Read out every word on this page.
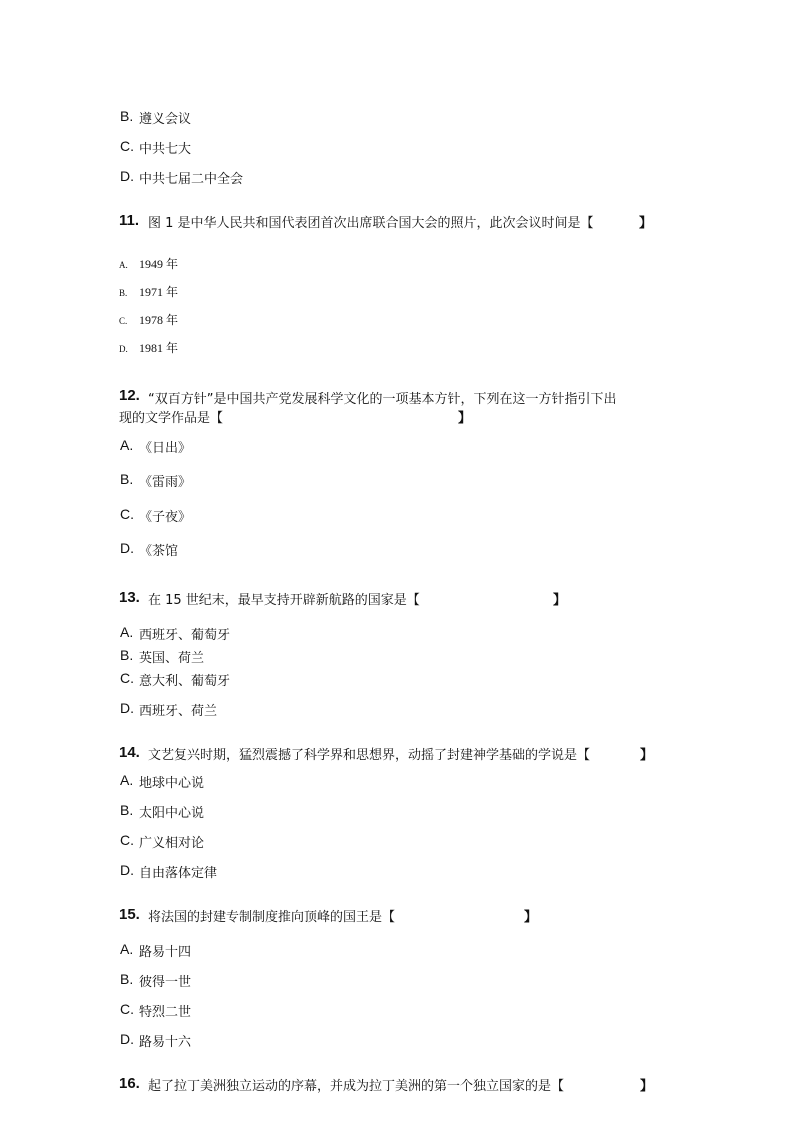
B. 遵义会议
C. 中共七大
D. 中共七届二中全会
11. 图 1 是中华人民共和国代表团首次出席联合国大会的照片，此次会议时间是【	】
A. 1949 年
B. 1971 年
C. 1978 年
D. 1981 年
12. “双百方针”是中国共产党发展科学文化的一项基本方针，下列在这一方针指引下出
现的文学作品是【	】
A. 《日出》
B. 《雷雨》
C. 《子夜》
D. 《茶馆
13. 在 15 世纪末，最早支持开辟新航路的国家是【	】
A. 西班牙、葡萄牙
B. 英国、荷兰
C. 意大利、葡萄牙
D. 西班牙、荷兰
14. 文艺复兴时期，猛烈震撼了科学界和思想界，动摇了封建神学基础的学说是【	】
A. 地球中心说
B. 太阳中心说
C. 广义相对论
D. 自由落体定律
15. 将法国的封建专制制度推向顶峰的国王是【	】
A. 路易十四
B. 彼得一世
C. 特烈二世
D. 路易十六
16. 起了拉丁美洲独立运动的序幕，并成为拉丁美洲的第一个独立国家的是【	】
